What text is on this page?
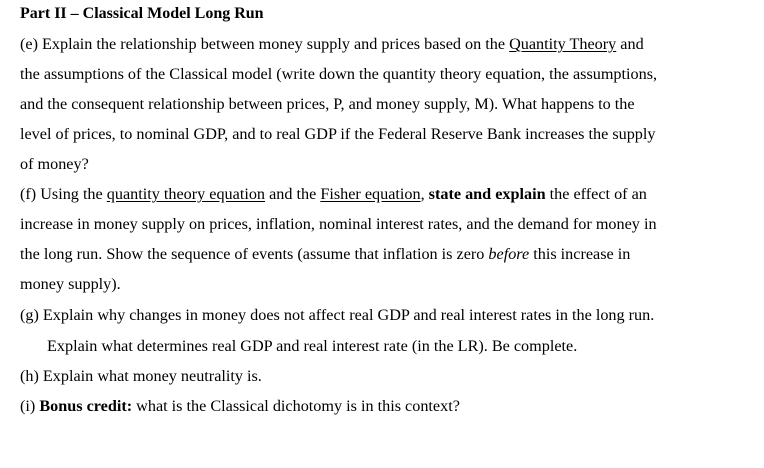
Part II – Classical Model Long Run
(e) Explain the relationship between money supply and prices based on the Quantity Theory and
the assumptions of the Classical model (write down the quantity theory equation, the assumptions,
and the consequent relationship between prices, P, and money supply, M). What happens to the
level of prices, to nominal GDP, and to real GDP if the Federal Reserve Bank increases the supply
of money?
(f) Using the quantity theory equation and the Fisher equation, state and explain the effect of an
increase in money supply on prices, inflation, nominal interest rates, and the demand for money in
the long run. Show the sequence of events (assume that inflation is zero before this increase in
money supply).
(g) Explain why changes in money does not affect real GDP and real interest rates in the long run.
Explain what determines real GDP and real interest rate (in the LR). Be complete.
(h) Explain what money neutrality is.
(i) Bonus credit: what is the Classical dichotomy is in this context?
